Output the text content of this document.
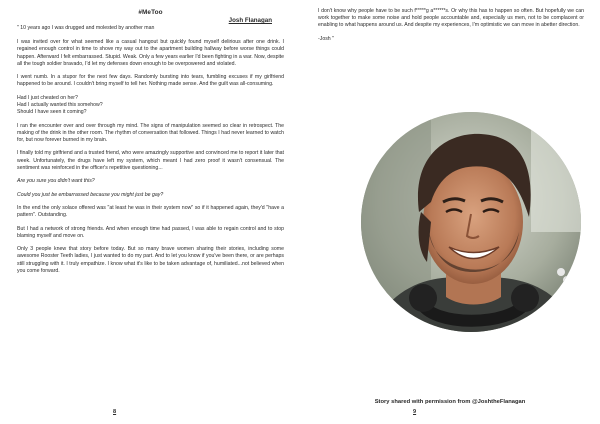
#MeToo

Josh Flanagan

" 10 years ago I was drugged and molested by another man

I was invited over for what seemed like a casual hangout but quickly found myself delirious after one drink. I regained enough control in time to shove my way out to the apartment building hallway before worse things could happen. Afterward I felt embarrassed. Stupid. Weak. Only a few years earlier I'd been fighting in a war. Now, despite all the tough soldier bravado, I'd let my defenses down enough to be overpowered and violated.

I went numb. In a stupor for the next few days. Randomly bursting into tears, fumbling excuses if my girlfriend happened to be around. I couldn't bring myself to tell her. Nothing made sense. And the guilt was all-consuming.

Had I just cheated on her?

Had I actually wanted this somehow?

Should I have seen it coming?

I ran the encounter over and over through my mind. The signs of manipulation seemed so clear in retrospect. The making of the drink in the other room. The rhythm of conversation that followed. Things I had never learned to watch for, but now forever burned in my brain.

I finally told my girlfriend and a trusted friend, who were amazingly supportive and convinced me to report it later that week. Unfortunately, the drugs have left my system, which meant I had zero proof it wasn't consensual. The sentiment was reinforced in the officer's repetitive questioning...

Are you sure you didn't want this?

Could you just be embarrassed because you might just be gay?

In the end the only solace offered was "at least he was in their system now" so if it happened again, they'd "have a pattern". Outstanding.

But I had a network of strong friends. And when enough time had passed, I was able to regain control and to stop blaming myself and move on.

Only 3 people knew that story before today. But so many brave women sharing their stories, including some awesome Rooster Teeth ladies, I just wanted to do my part. And to let you know if you've been there, or are perhaps still struggling with it. I truly empathize. I know what it's like to be taken advantage of, humiliated...not believed when you come forward.

8

I don't know why people have to be such f*****g a******s. Or why this has to happen so often. But hopefully we can work together to make some noise and hold people accountable and, especially us men, not to be complacent or enabling to what happens around us. And despite my experiences, I'm optimistic we can move in abetter direction.

-Josh "

Story shared with permission from @JoshtheFlanagan

9
